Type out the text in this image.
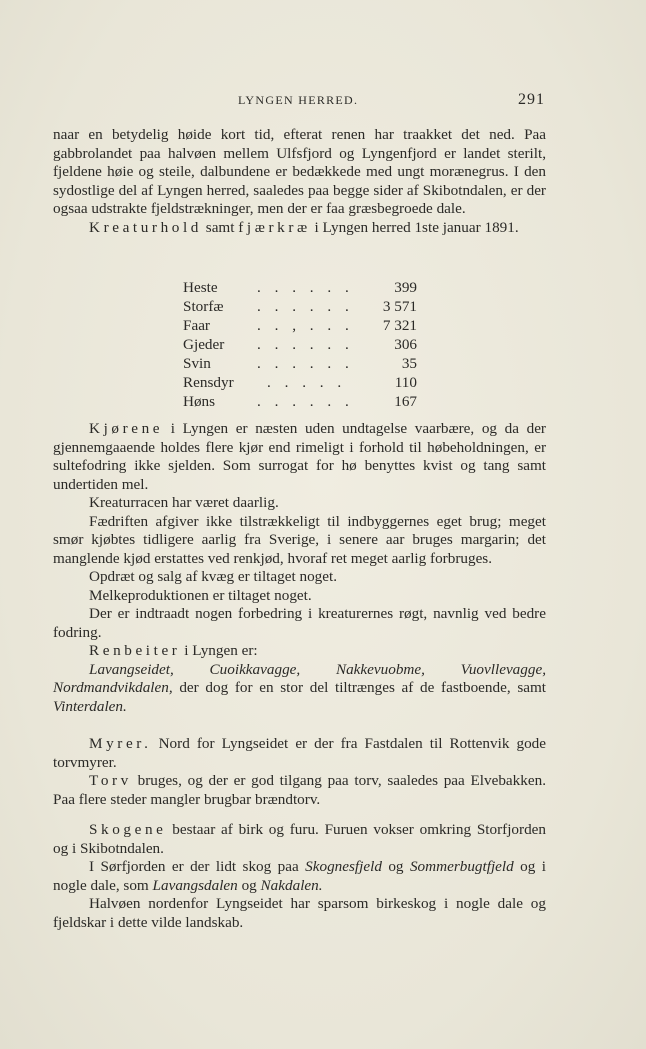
LYNGEN HERRED.	291

naar en betydelig høide kort tid, efterat renen har traakket det ned. Paa gabbrolandet paa halvøen mellem Ulfsfjord og Lyngenfjord er landet sterilt, fjeldene høie og steile, dalbundene er bedækkede med ungt morænegrus. I den sydostlige del af Lyngen herred, saaledes paa begge sider af Skibotndalen, er der ogsaa udstrakte fjeldstrækninger, men der er faa græsbegroede dale.

Kreaturhold samt fjærkræ i Lyngen herred 1ste januar 1891.

Heste	. . . . . .	399
Storfæ . . . . . . 3 571
Faar	. . , . . . 7 321
Gjeder . . . . . .	306
Svin	. . . . . .	35
Rensdyr . . . . .	110
Høns	. . . . . .	167

Kjørene i Lyngen er næsten uden undtagelse vaarbære, og da der gjennemgaaende holdes flere kjør end rimeligt i forhold til høbeholdningen, er sultefodring ikke sjelden. Som surrogat for hø benyttes kvist og tang samt undertiden mel.

Kreaturracen har været daarlig.

Fædriften afgiver ikke tilstrækkeligt til indbyggernes eget brug; meget smør kjøbtes tidligere aarlig fra Sverige, i senere aar bruges margarin; det manglende kjød erstattes ved renkjød, hvoraf ret meget aarlig forbruges.

Opdræt og salg af kvæg er tiltaget noget.

Melkeproduktionen er tiltaget noget.

Der er indtraadt nogen forbedring i kreaturernes røgt, navnlig ved bedre fodring.

Renbeiter i Lyngen er:

Lavangseidet, Cuoikkavagge, Nakkevuobme, Vuovllevagge, Nordmandvikdalen, der dog for en stor del tiltrænges af de fastboende, samt Vinterdalen.

Myrer. Nord for Lyngseidet er der fra Fastdalen til Rottenvik gode torvmyrer.

Torv bruges, og der er god tilgang paa torv, saaledes paa Elvebakken. Paa flere steder mangler brugbar brændtorv.

Skogene bestaar af birk og furu. Furuen vokser omkring Storfjorden og i Skibotndalen.

I Sørfjorden er der lidt skog paa Skognesfjeld og Sommerbugtfjeld og i nogle dale, som Lavangsdalen og Nakdalen.

Halvøen nordenfor Lyngseidet har sparsom birkeskog i nogle dale og fjeldskar i dette vilde landskab.
